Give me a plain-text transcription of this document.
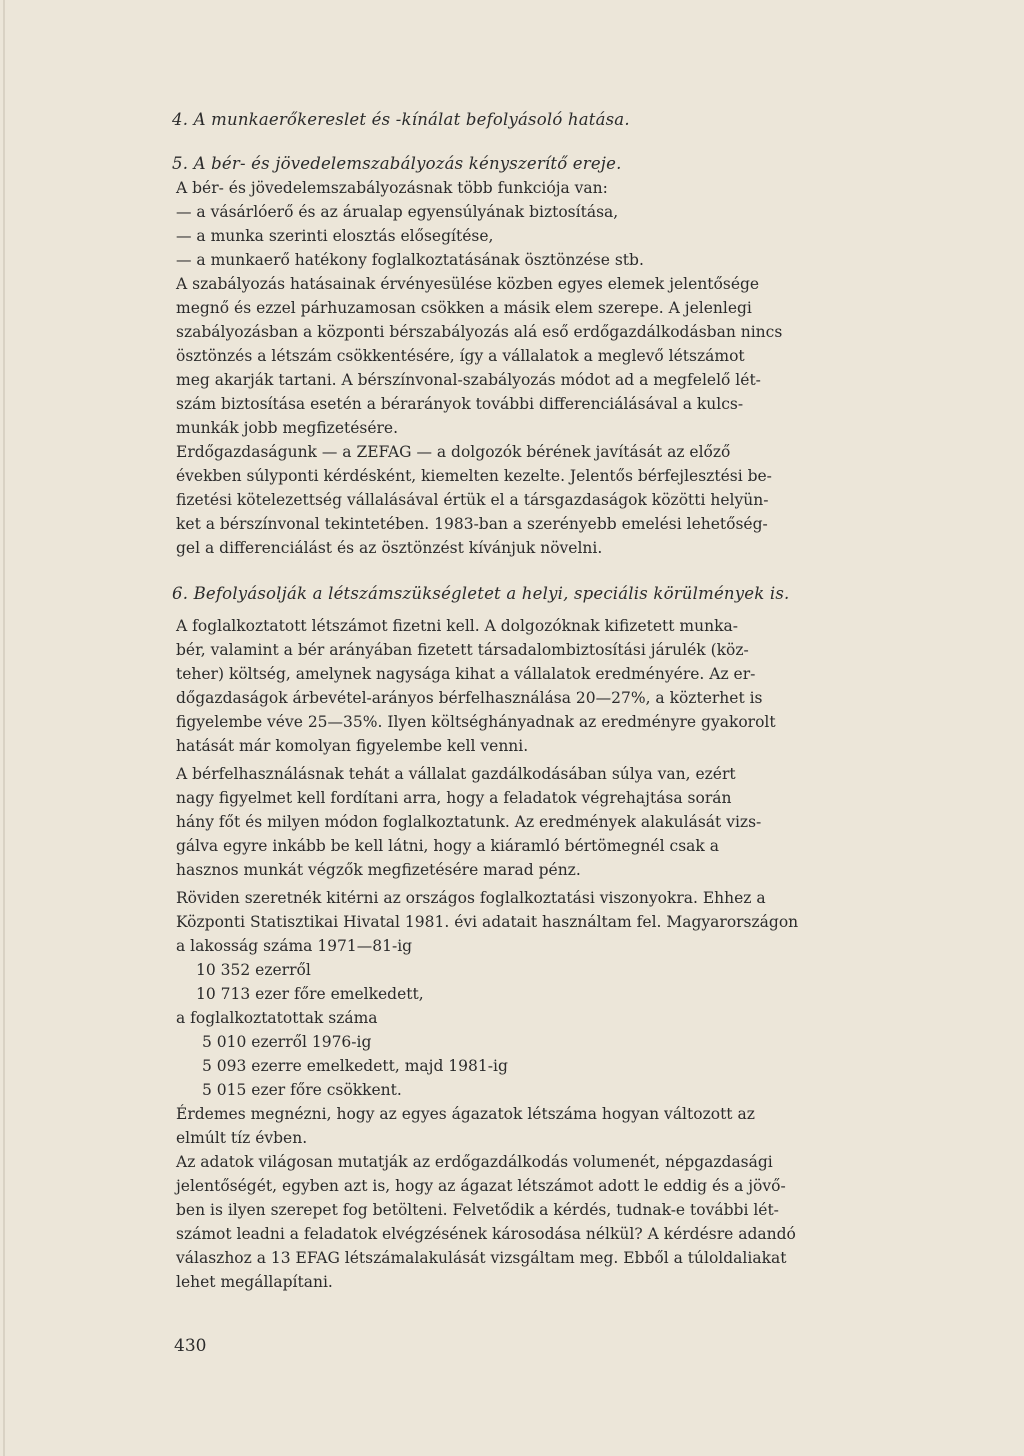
4. A munkaerőkereslet és -kínálat befolyásoló hatása.
5. A bér- és jövedelemszabályozás kényszerítő ereje.
A bér- és jövedelemszabályozásnak több funkciója van:
— a vásárlóerő és az árualap egyensúlyának biztosítása,
— a munka szerinti elosztás elősegítése,
— a munkaerő hatékony foglalkoztatásának ösztönzése stb.
A szabályozás hatásainak érvényesülése közben egyes elemek jelentősége
megnő és ezzel párhuzamosan csökken a másik elem szerepe. A jelenlegi
szabályozásban a központi bérszabályozás alá eső erdőgazdálkodásban nincs
ösztönzés a létszám csökkentésére, így a vállalatok a meglevő létszámot
meg akarják tartani. A bérszínvonal-szabályozás módot ad a megfelelő lét-
szám biztosítása esetén a bérarányok további differenciálásával a kulcs-
munkák jobb megfizetésére.
Erdőgazdaságunk — a ZEFAG — a dolgozók bérének javítását az előző
években súlyponti kérdésként, kiemelten kezelte. Jelentős bérfejlesztési be-
fizetési kötelezettség vállalásával értük el a társgazdaságok közötti helyün-
ket a bérszínvonal tekintetében. 1983-ban a szerényebb emelési lehetőség-
gel a differenciálást és az ösztönzést kívánjuk növelni.
6. Befolyásolják a létszámszükségletet a helyi, speciális körülmények is.
A foglalkoztatott létszámot fizetni kell. A dolgozóknak kifizetett munka-
bér, valamint a bér arányában fizetett társadalombiztosítási járulék (köz-
teher) költség, amelynek nagysága kihat a vállalatok eredményére. Az er-
dőgazdaságok árbevétel-arányos bérfelhasználása 20—27%, a közterhet is
figyelembe véve 25—35%. Ilyen költséghányadnak az eredményre gyakorolt
hatását már komolyan figyelembe kell venni.
A bérfelhasználásnak tehát a vállalat gazdálkodásában súlya van, ezért
nagy figyelmet kell fordítani arra, hogy a feladatok végrehajtása során
hány főt és milyen módon foglalkoztatunk. Az eredmények alakulását vizs-
gálva egyre inkább be kell látni, hogy a kiáramló bértömegnél csak a
hasznos munkát végzők megfizetésére marad pénz.
Röviden szeretnék kitérni az országos foglalkoztatási viszonyokra. Ehhez a
Központi Statisztikai Hivatal 1981. évi adatait használtam fel. Magyarországon
a lakosság száma 1971—81-ig
10 352 ezerről
10 713 ezer főre emelkedett,
a foglalkoztatottak száma
5 010 ezerről 1976-ig
5 093 ezerre emelkedett, majd 1981-ig
5 015 ezer főre csökkent.
Érdemes megnézni, hogy az egyes ágazatok létszáma hogyan változott az
elmúlt tíz évben.
Az adatok világosan mutatják az erdőgazdálkodás volumenét, népgazdasági
jelentőségét, egyben azt is, hogy az ágazat létszámot adott le eddig és a jövő-
ben is ilyen szerepet fog betölteni. Felvetődik a kérdés, tudnak-e további lét-
számot leadni a feladatok elvégzésének károsodása nélkül? A kérdésre adandó
válaszhoz a 13 EFAG létszámalakulását vizsgáltam meg. Ebből a túloldaliakat
lehet megállapítani.
430
